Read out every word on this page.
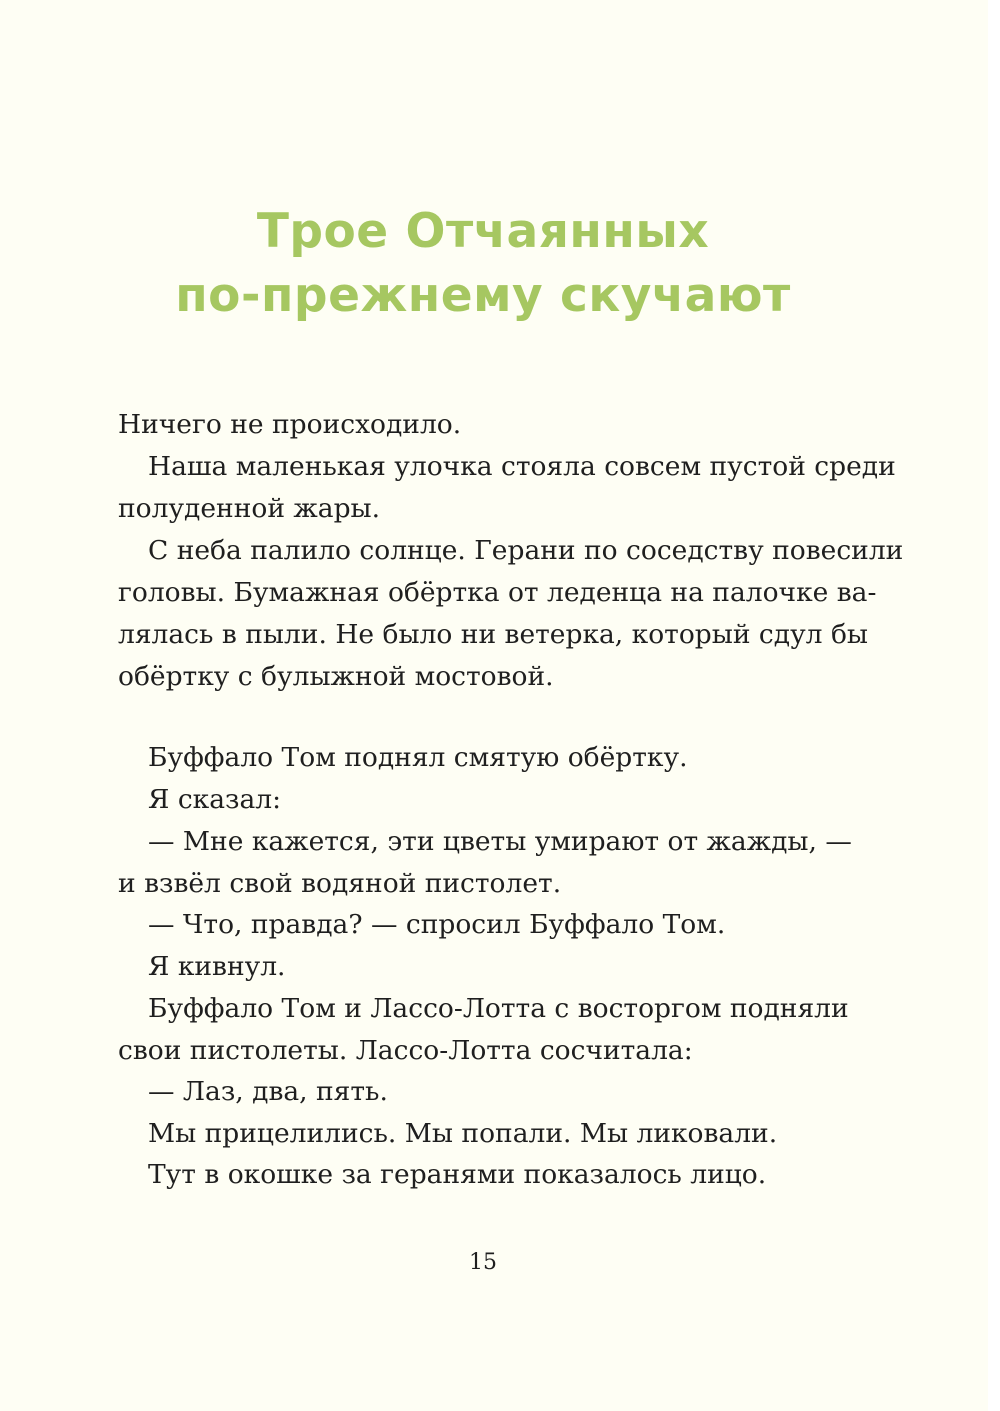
Трое Отчаянных
по-прежнему скучают

Ничего не происходило.

Наша маленькая улочка стояла совсем пустой среди

полуденной жары.

С неба палило солнце. Герани по соседству повесили

головы. Бумажная обёртка от леденца на палочке ва-

лялась в пыли. Не было ни ветерка, который сдул бы

обёртку с булыжной мостовой.

Буффало Том поднял смятую обёртку.

Я сказал:

— Мне кажется, эти цветы умирают от жажды, —

и взвёл свой водяной пистолет.

— Что, правда? — спросил Буффало Том.

Я кивнул.

Буффало Том и Лассо-Лотта с восторгом подняли

свои пистолеты. Лассо-Лотта сосчитала:

— Лаз, два, пять.

Мы прицелились. Мы попали. Мы ликовали.

Тут в окошке за геранями показалось лицо.

15
